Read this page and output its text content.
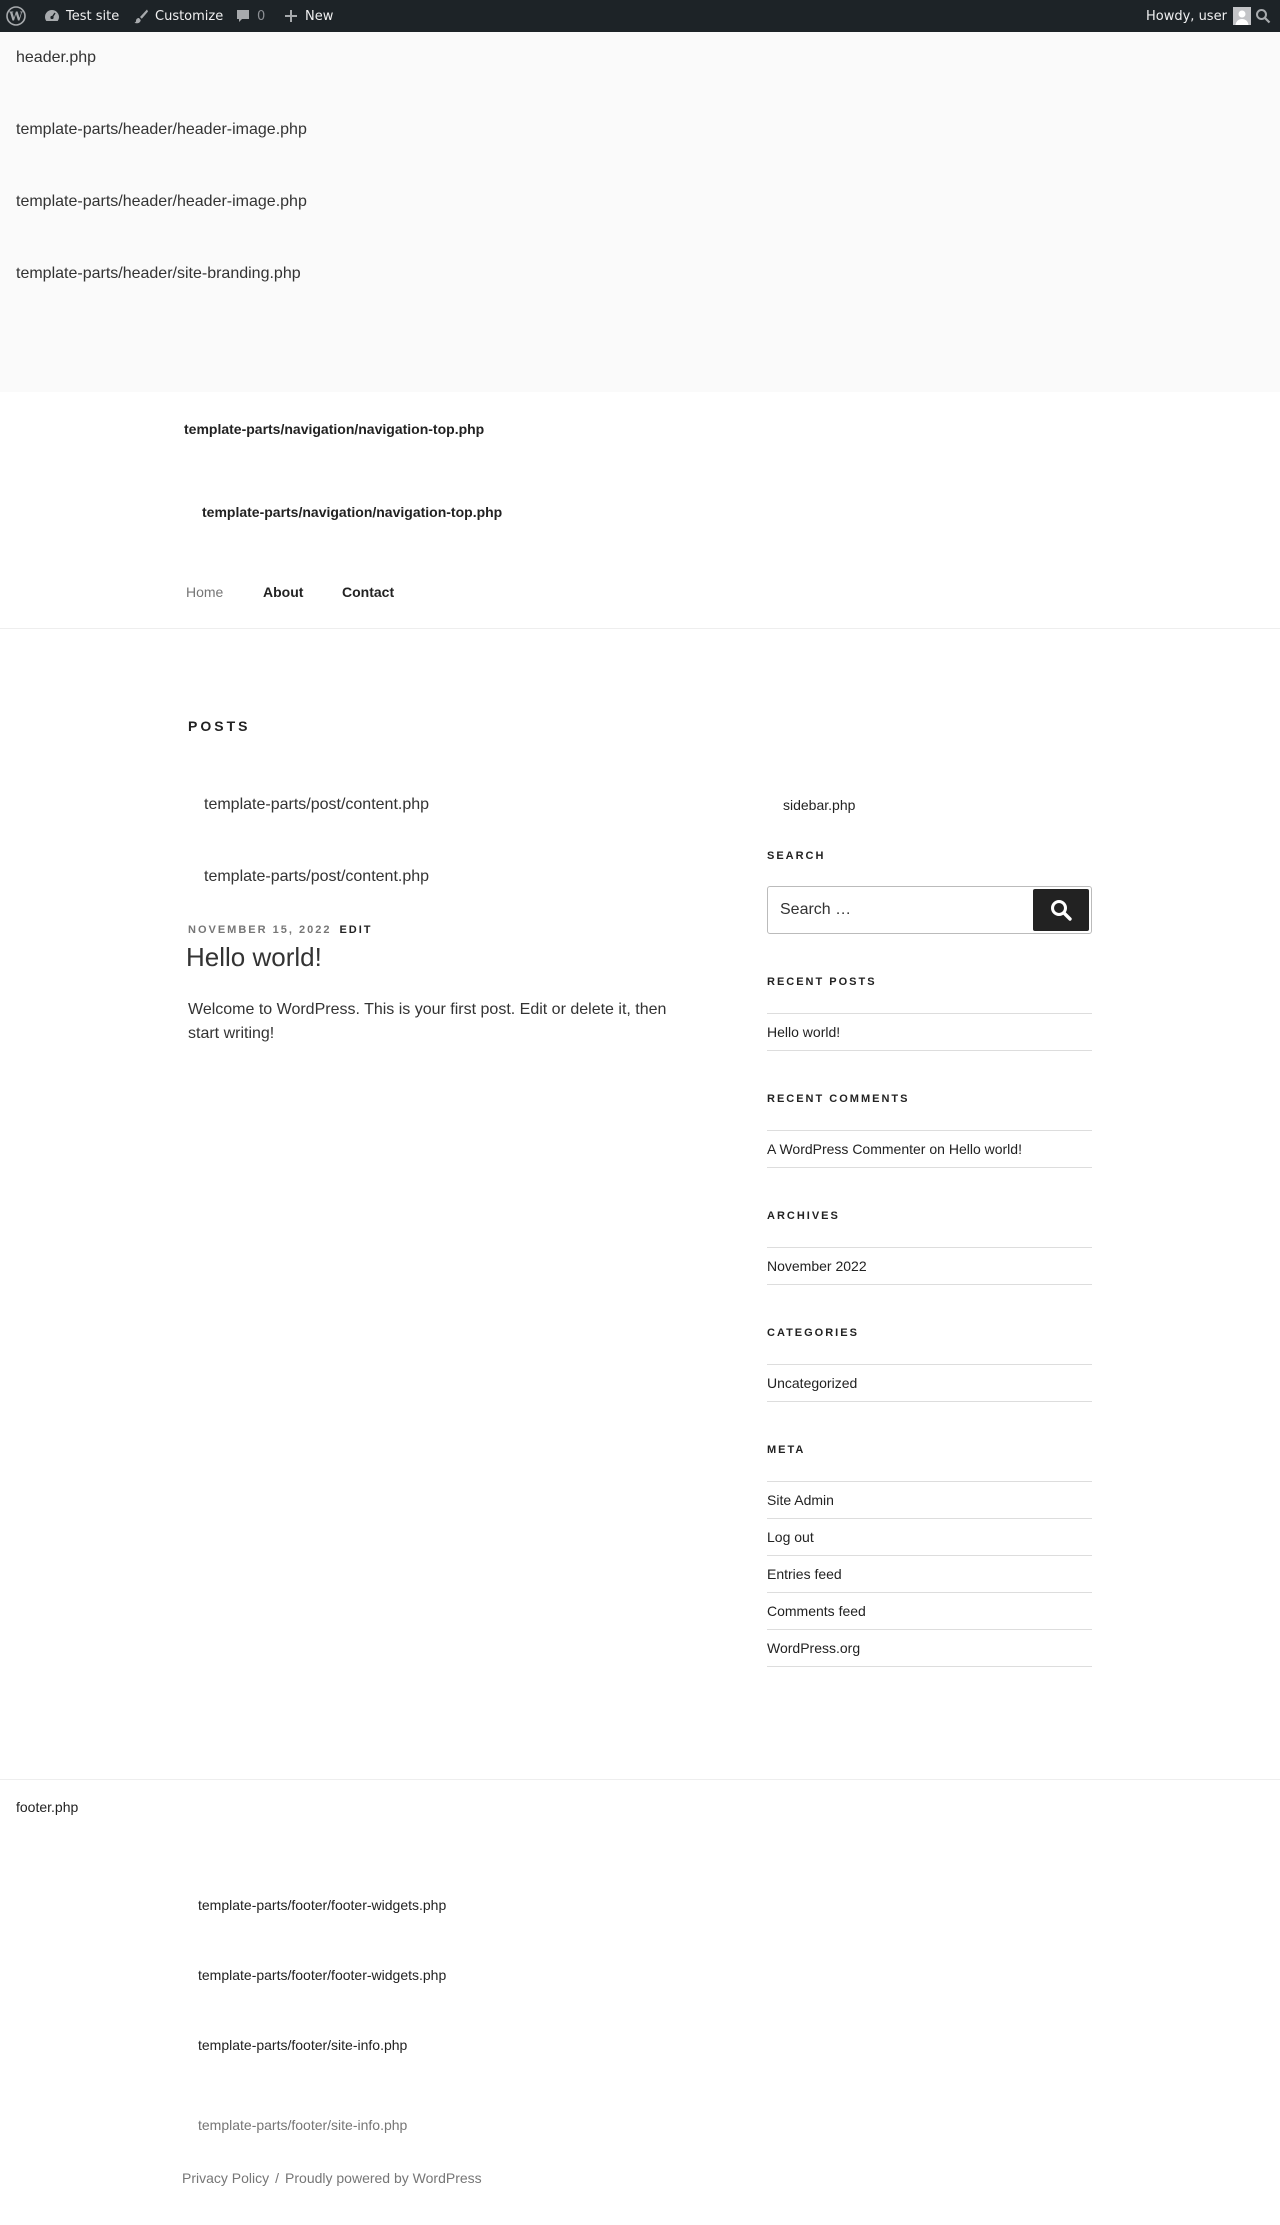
W	Test site	Customize	0	New	Howdy, user
header.php
template-parts/header/header-image.php
template-parts/header/header-image.php
template-parts/header/site-branding.php
template-parts/navigation/navigation-top.php
template-parts/navigation/navigation-top.php
Home	About	Contact
POSTS
template-parts/post/content.php
template-parts/post/content.php
NOVEMBER 15, 2022 EDIT
Hello world!

Welcome to WordPress. This is your first post. Edit or delete it, then start writing!

sidebar.php
SEARCH
Search …
RECENT POSTS
Hello world!
RECENT COMMENTS
A WordPress Commenter
on
Hello world!
ARCHIVES
November 2022
CATEGORIES
Uncategorized
META
Site Admin
Log out
Entries feed
Comments feed
WordPress.org
footer.php
template-parts/footer/footer-widgets.php
template-parts/footer/footer-widgets.php
template-parts/footer/site-info.php
template-parts/footer/site-info.php
Privacy Policy / Proudly powered by WordPress
